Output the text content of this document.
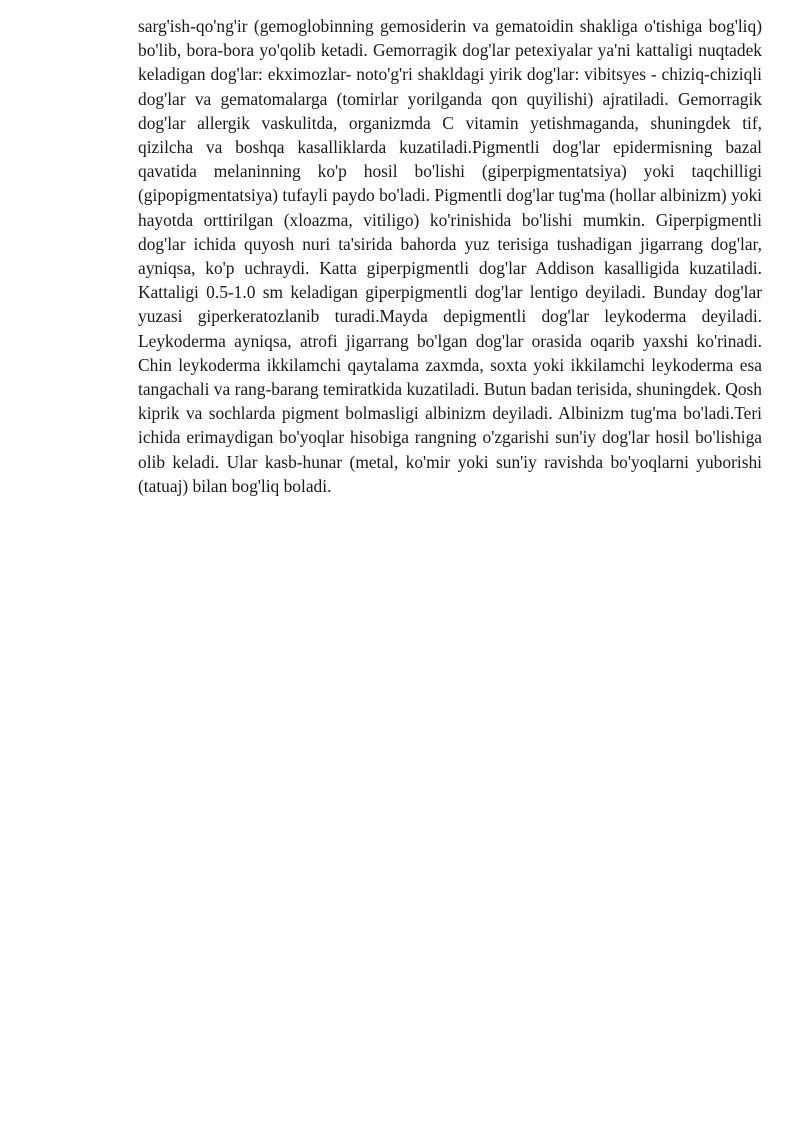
sarg'ish-qo'ng'ir (gemoglobinning gemosiderin va gematoidin shakliga o'tishiga bog'liq) bo'lib, bora-bora yo'qolib ketadi. Gemorragik dog'lar petexiyalar ya'ni kattaligi nuqtadek keladigan dog'lar: ekximozlar- noto'g'ri shakldagi yirik dog'lar: vibitsyes - chiziq-chiziqli dog'lar va gematomalarga (tomirlar yorilganda qon quyilishi) ajratiladi. Gemorragik dog'lar allergik vaskulitda, organizmda C vitamin yetishmaganda, shuningdek tif, qizilcha va boshqa kasalliklarda kuzatiladi.Pigmentli dog'lar epidermisning bazal qavatida melaninning ko'p hosil bo'lishi (giperpigmentatsiya) yoki taqchilligi (gipopigmentatsiya) tufayli paydo bo'ladi. Pigmentli dog'lar tug'ma (hollar albinizm) yoki hayotda orttirilgan (xloazma, vitiligo) ko'rinishida bo'lishi mumkin. Giperpigmentli dog'lar ichida quyosh nuri ta'sirida bahorda yuz terisiga tushadigan jigarrang dog'lar, ayniqsa, ko'p uchraydi. Katta giperpigmentli dog'lar Addison kasalligida kuzatiladi. Kattaligi 0.5-1.0 sm keladigan giperpigmentli dog'lar lentigo deyiladi. Bunday dog'lar yuzasi giperkeratozlanib turadi.Mayda depigmentli dog'lar leykoderma deyiladi. Leykoderma ayniqsa, atrofi jigarrang bo'lgan dog'lar orasida oqarib yaxshi ko'rinadi. Chin leykoderma ikkilamchi qaytalama zaxmda, soxta yoki ikkilamchi leykoderma esa tangachali va rang-barang temiratkida kuzatiladi. Butun badan terisida, shuningdek. Qosh  kiprik va sochlarda pigment bolmasligi albinizm deyiladi. Albinizm tug'ma bo'ladi.Teri ichida erimaydigan bo'yoqlar hisobiga rangning o'zgarishi sun'iy dog'lar hosil bo'lishiga olib keladi. Ular kasb-hunar (metal, ko'mir yoki sun'iy ravishda bo'yoqlarni yuborishi (tatuaj) bilan bog'liq boladi.
